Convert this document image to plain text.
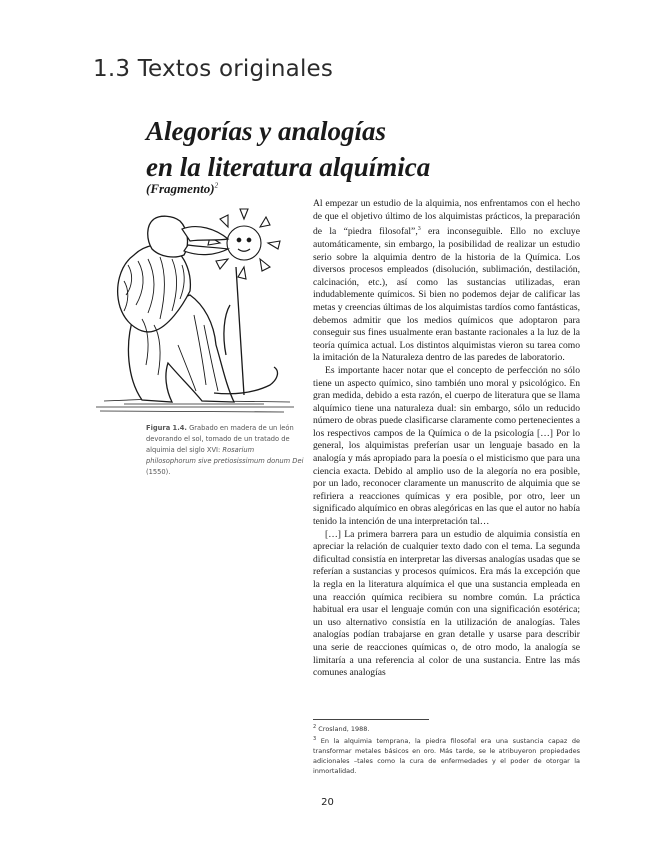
1.3 Textos originales
Alegorías y analogías
en la literatura alquímica
(Fragmento)$^2$
Figura 1.4. Grabado en madera de un león devorando el sol, tomado de un tratado de alquimia del siglo XVI: Rosarium philosophorum sive pretiosissimum donum Dei (1550).

Al empezar un estudio de la alquimia, nos enfrentamos con el hecho de que el objetivo último de los alquimistas prácticos, la preparación de la “piedra filosofal”,$^3$ era inconseguible. Ello no excluye automáticamente, sin embargo, la posibilidad de realizar un estudio serio sobre la alquimia dentro de la historia de la Química. Los diversos procesos empleados (disolución, sublimación, destilación, calcinación, etc.), así como las sustancias utilizadas, eran indudablemente químicos. Si bien no podemos dejar de calificar las metas y creencias últimas de los alquimistas tardíos como fantásticas, debemos admitir que los medios químicos que adoptaron para conseguir sus fines usualmente eran bastante racionales a la luz de la teoría química actual. Los distintos alquimistas vieron su tarea como la imitación de la Naturaleza dentro de las paredes de laboratorio.

Es importante hacer notar que el concepto de perfección no sólo tiene un aspecto químico, sino también uno moral y psicológico. En gran medida, debido a esta razón, el cuerpo de literatura que se llama alquímico tiene una naturaleza dual: sin embargo, sólo un reducido número de obras puede clasificarse claramente como pertenecientes a los respectivos campos de la Química o de la psicología […] Por lo general, los alquimistas preferían usar un lenguaje basado en la analogía y más apropiado para la poesía o el misticismo que para una ciencia exacta. Debido al amplio uso de la alegoría no era posible, por un lado, reconocer claramente un manuscrito de alquimia que se refiriera a reacciones químicas y era posible, por otro, leer un significado alquímico en obras alegóricas en las que el autor no había tenido la intención de una interpretación tal…

[…] La primera barrera para un estudio de alquimia consistía en apreciar la relación de cualquier texto dado con el tema. La segunda dificultad consistía en interpretar las diversas analogías usadas que se referían a sustancias y procesos químicos. Era más la excepción que la regla en la literatura alquímica el que una sustancia empleada en una reacción química recibiera su nombre común. La práctica habitual era usar el lenguaje común con una significación esotérica; un uso alternativo consistía en la utilización de analogías. Tales analogías podían trabajarse en gran detalle y usarse para describir una serie de reacciones químicas o, de otro modo, la analogía se limitaría a una referencia al color de una sustancia. Entre las más comunes analogías

$^2$ Crosland, 1988.

$^3$ En la alquimia temprana, la piedra filosofal era una sustancia capaz de transformar metales básicos en oro. Más tarde, se le atribuyeron propiedades adicionales –tales como la cura de enfermedades y el poder de otorgar la inmortalidad.

20
